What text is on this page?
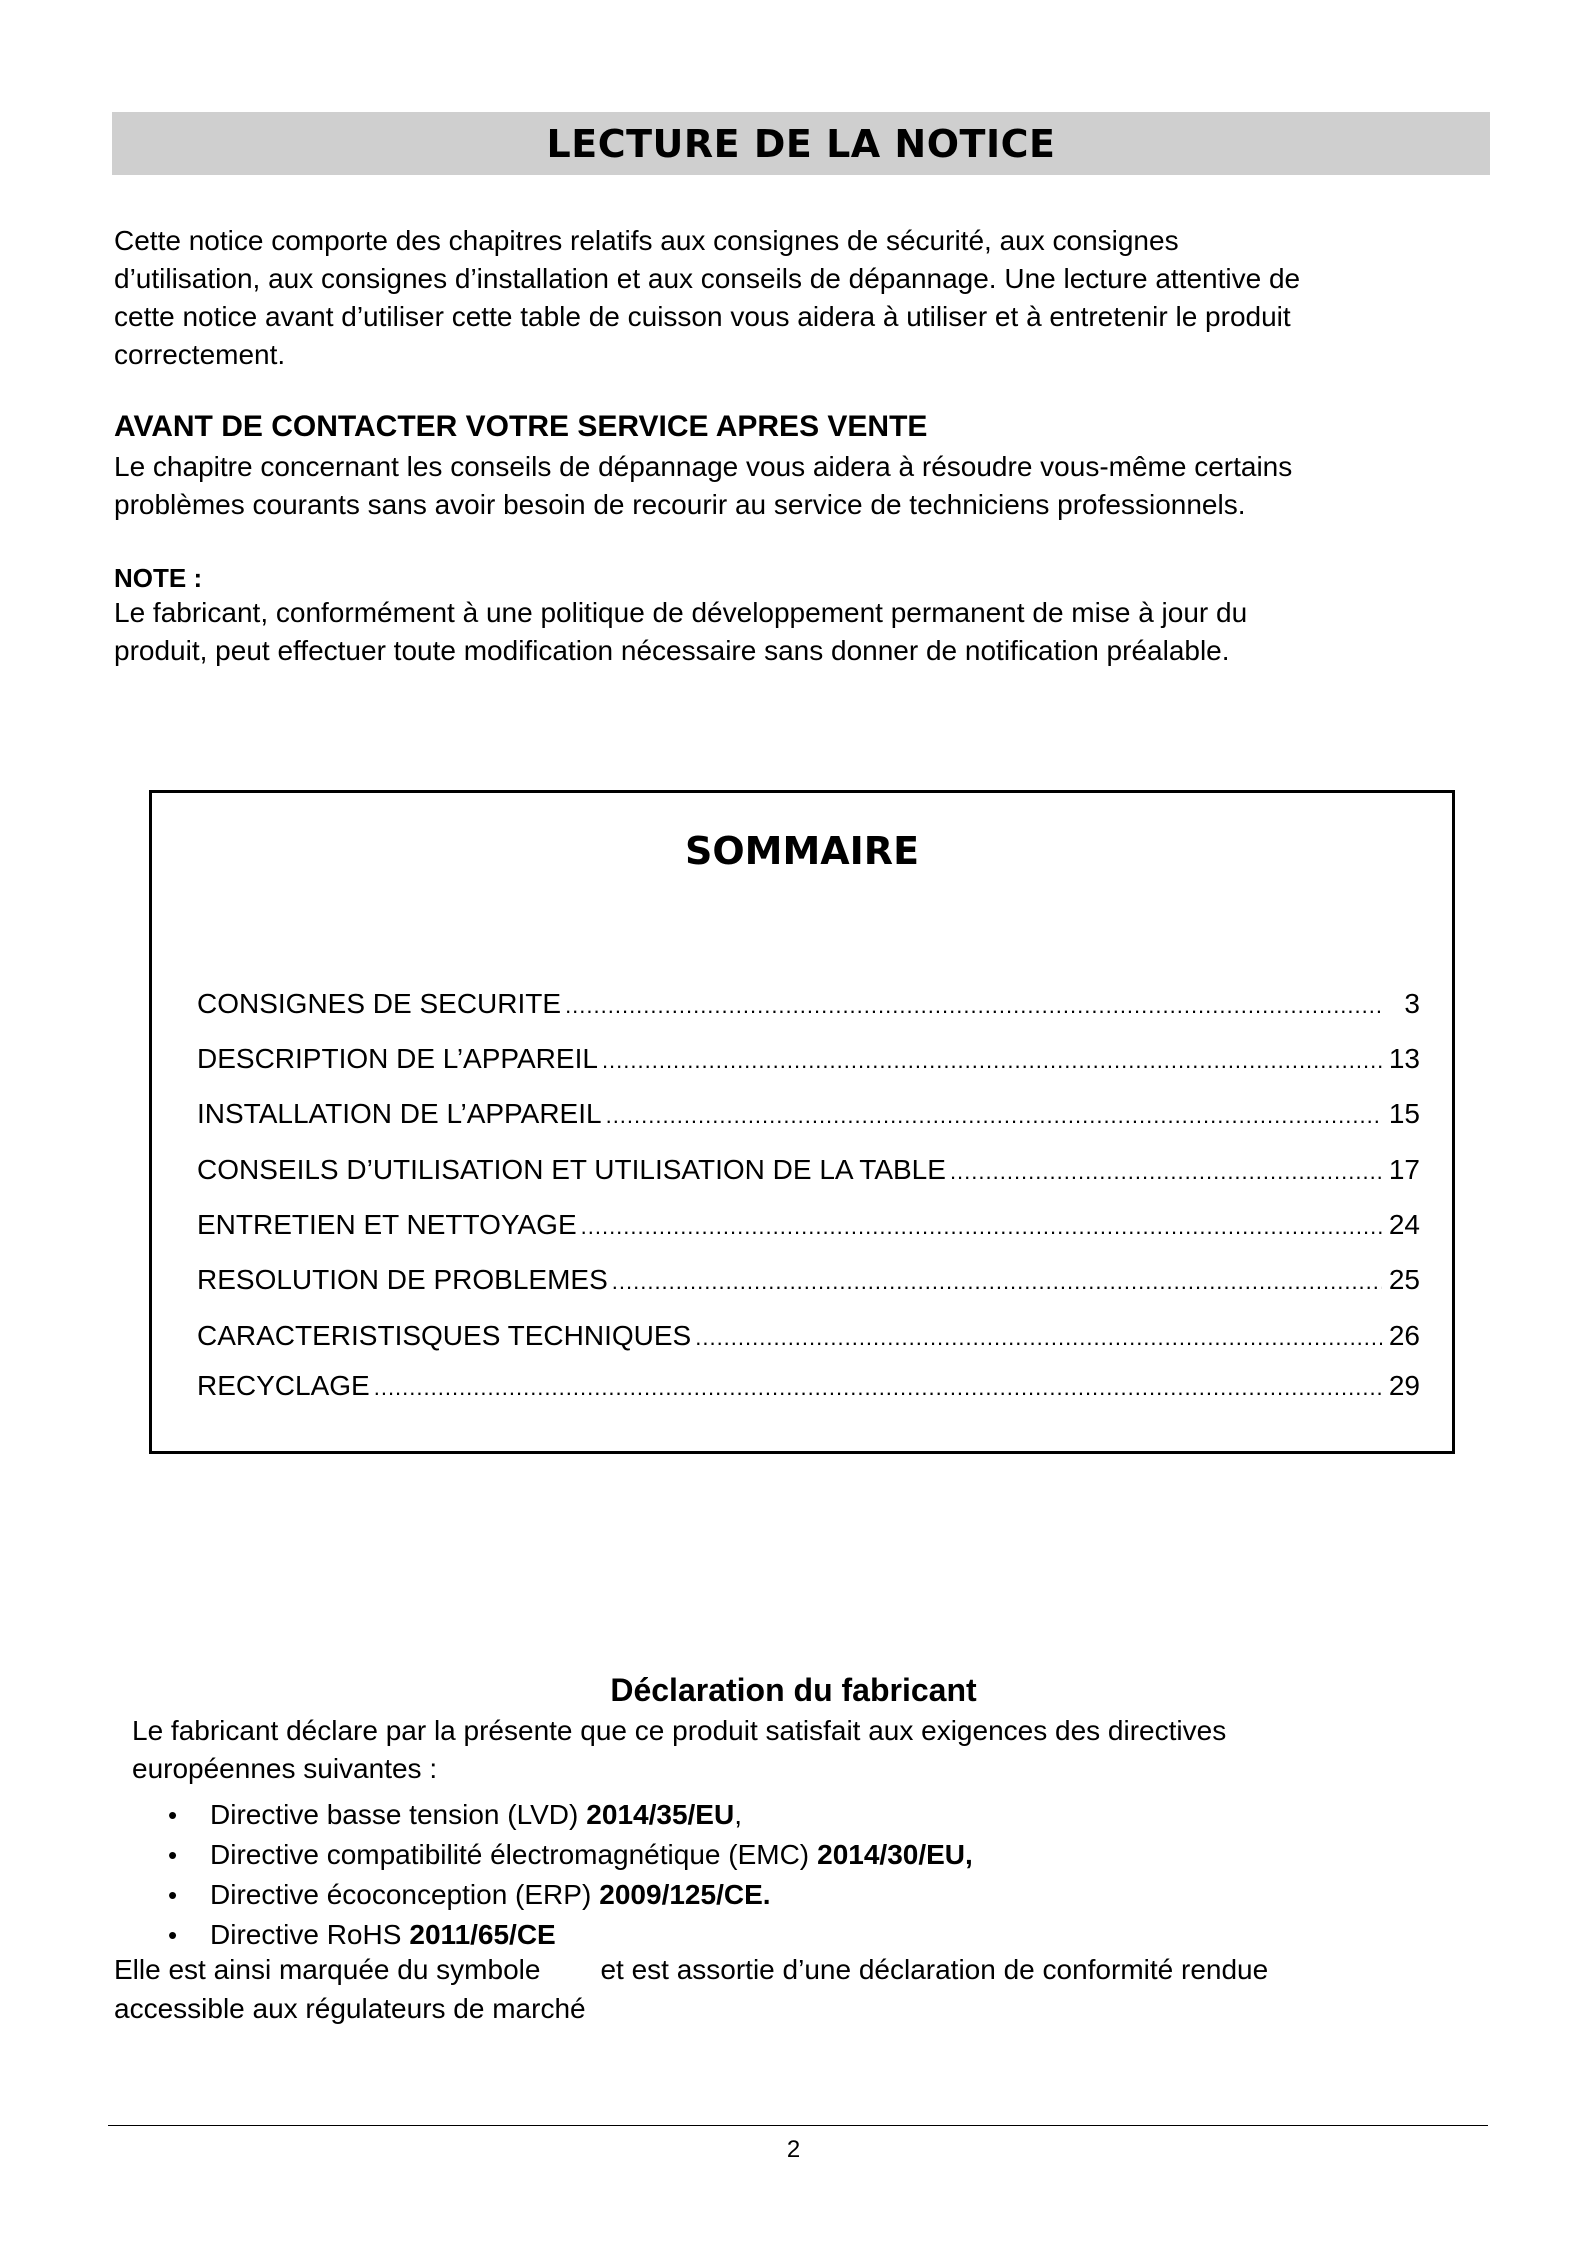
LECTURE DE LA NOTICE

Cette notice comporte des chapitres relatifs aux consignes de sécurité, aux consignes
d’utilisation, aux consignes d’installation et aux conseils de dépannage. Une lecture attentive de
cette notice avant d’utiliser cette table de cuisson vous aidera à utiliser et à entretenir le produit
correctement.

AVANT DE CONTACTER VOTRE SERVICE APRES VENTE

Le chapitre concernant les conseils de dépannage vous aidera à résoudre vous-même certains
problèmes courants sans avoir besoin de recourir au service de techniciens professionnels.

NOTE :

Le fabricant, conformément à une politique de développement permanent de mise à jour du
produit, peut effectuer toute modification nécessaire sans donner de notification préalable.

SOMMAIRE
CONSIGNES DE SECURITE .....	3
DESCRIPTION DE L’APPAREIL .....	13
INSTALLATION DE L’APPAREIL .....	15
CONSEILS D’UTILISATION ET UTILISATION DE LA TABLE .....	17
ENTRETIEN ET NETTOYAGE .....	24
RESOLUTION DE PROBLEMES .....	25
CARACTERISTISQUES TECHNIQUES .....	26
RECYCLAGE .....	29
Déclaration du fabricant

Le fabricant déclare par la présente que ce produit satisfait aux exigences des directives
européennes suivantes :

•	Directive basse tension (LVD) 2014/35/EU ,
•	Directive compatibilité électromagnétique (EMC) 2014/30/EU,
•	Directive écoconception (ERP) 2009/125/CE.
•	Directive RoHS 2011/65/CE

Elle est ainsi marquée du symbole et est assortie d’une déclaration de conformité rendue
accessible aux régulateurs de marché

2
